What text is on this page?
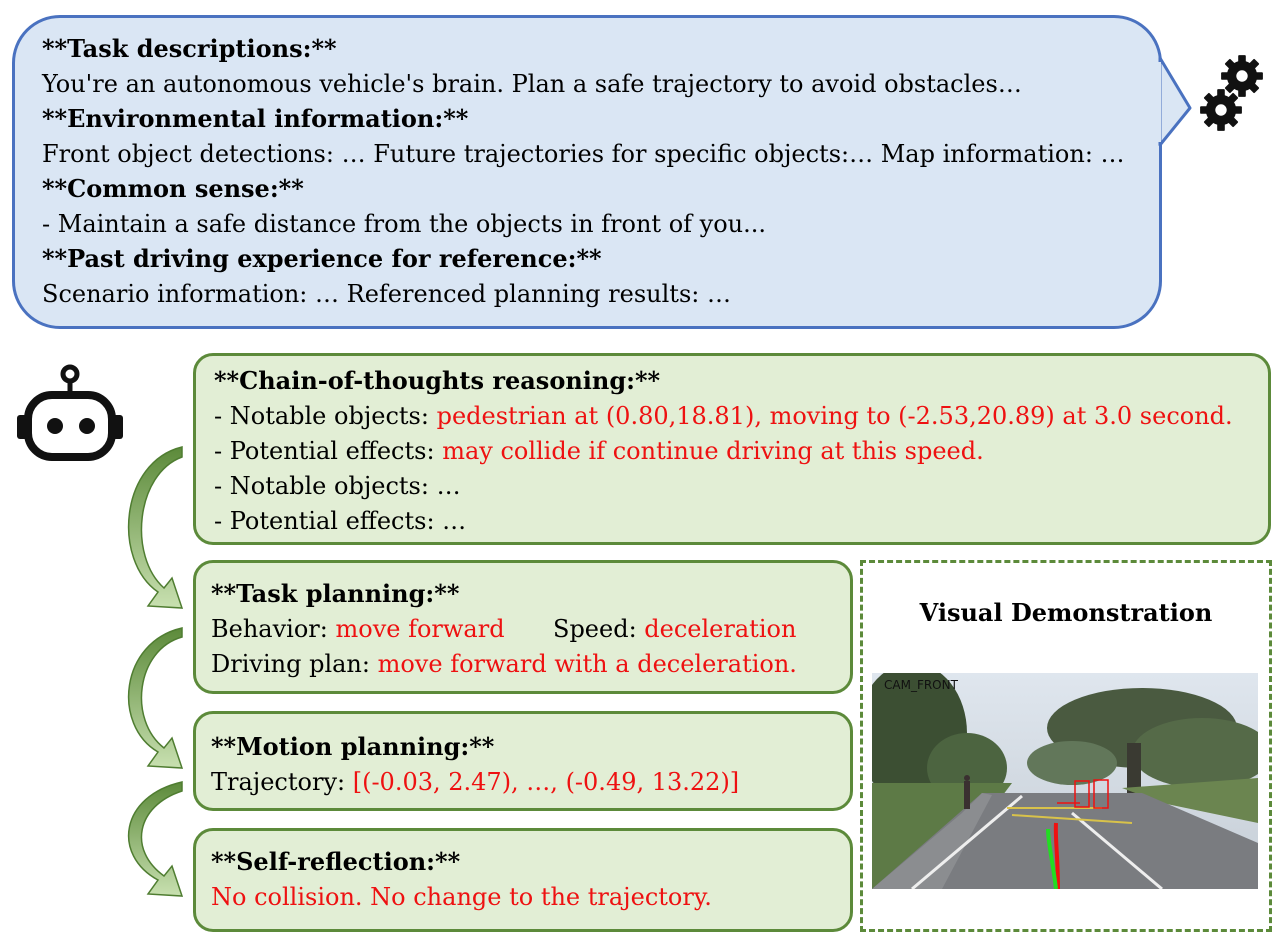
**Task descriptions:**
You're an autonomous vehicle's brain. Plan a safe trajectory to avoid obstacles…
**Environmental information:**
Front object detections: … Future trajectories for specific objects:… Map information: …
**Common sense:**
- Maintain a safe distance from the objects in front of you...
**Past driving experience for reference:**
Scenario information: … Referenced planning results: …
**Chain-of-thoughts reasoning:**
- Notable objects: pedestrian at (0.80,18.81), moving to (-2.53,20.89) at 3.0 second.
- Potential effects: may collide if continue driving at this speed.
- Notable objects: …
- Potential effects: …
**Task planning:**
Behavior: move forward Speed: deceleration
Driving plan: move forward with a deceleration.
**Motion planning:**
Trajectory: [(-0.03, 2.47), …, (-0.49, 13.22)]
**Self-reflection:**
No collision. No change to the trajectory.
Visual Demonstration
CAM_FRONT
